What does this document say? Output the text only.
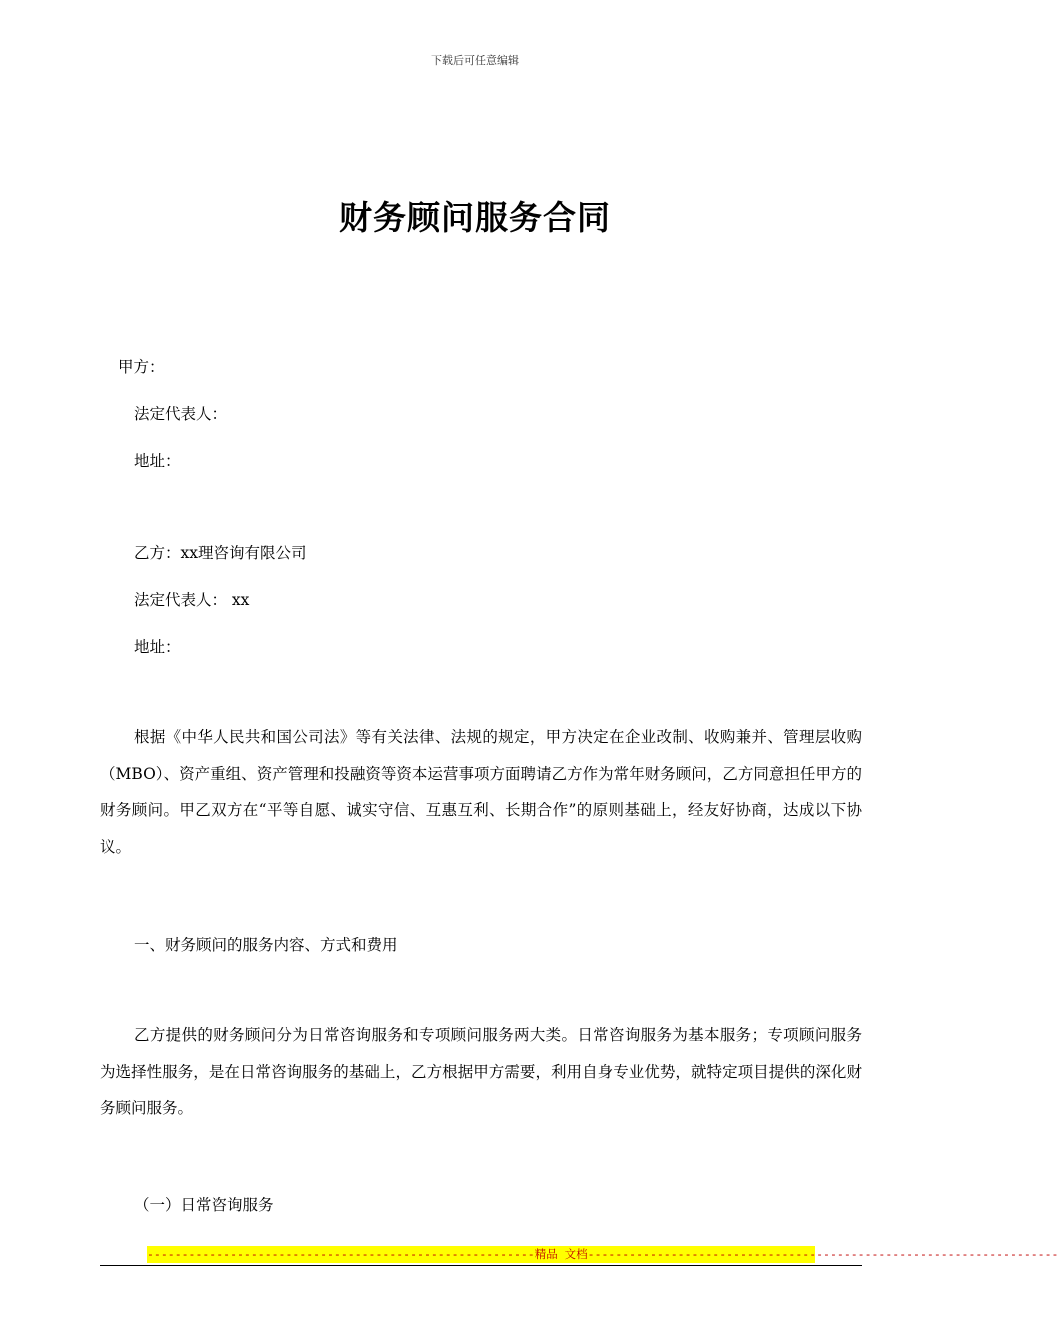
下载后可任意编辑
财务顾问服务合同
甲方：
法定代表人：
地址：
乙方：xx理咨询有限公司
法定代表人： xx
地址：
根据《中华人民共和国公司法》等有关法律、法规的规定，甲方决定在企业改制、收购兼并、管理层收购（MBO）、资产重组、资产管理和投融资等资本运营事项方面聘请乙方作为常年财务顾问，乙方同意担任甲方的财务顾问。甲乙双方在“平等自愿、诚实守信、互惠互利、长期合作”的原则基础上，经友好协商，达成以下协议。
一、财务顾问的服务内容、方式和费用
乙方提供的财务顾问分为日常咨询服务和专项顾问服务两大类。日常咨询服务为基本服务；专项顾问服务为选择性服务，是在日常咨询服务的基础上，乙方根据甲方需要，利用自身专业优势，就特定项目提供的深化财务顾问服务。
（一）日常咨询服务
--------------------------------------------------------精品 文档--------------------------------------------------------------------
